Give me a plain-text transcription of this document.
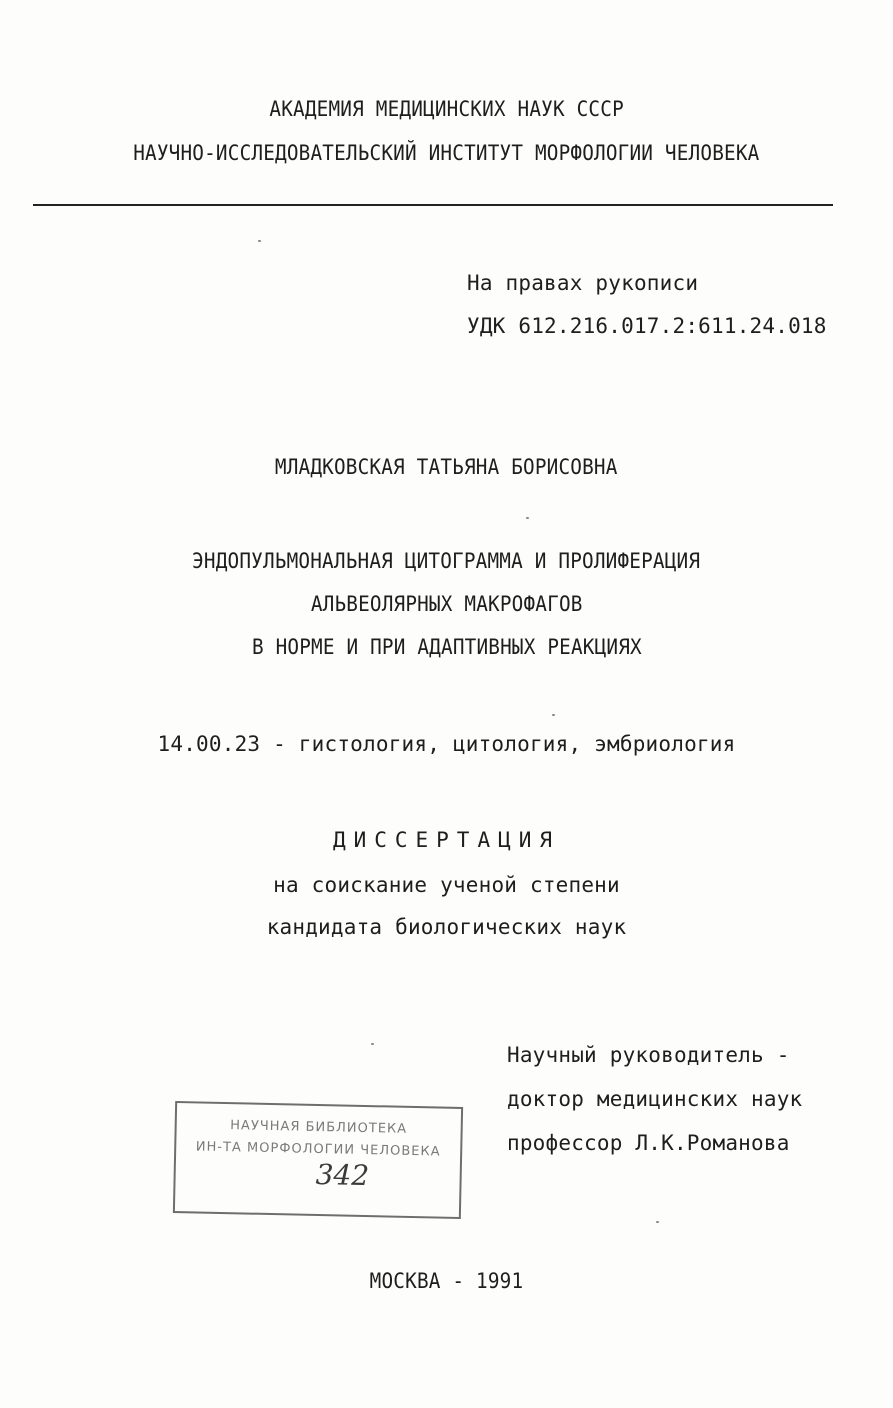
АКАДЕМИЯ МЕДИЦИНСКИХ НАУК СССР
НАУЧНО-ИССЛЕДОВАТЕЛЬСКИЙ ИНСТИТУТ МОРФОЛОГИИ ЧЕЛОВЕКА
На правах рукописи
УДК 612.216.017.2:611.24.018
МЛАДКОВСКАЯ ТАТЬЯНА БОРИСОВНА
ЭНДОПУЛЬМОНАЛЬНАЯ ЦИТОГРАММА И ПРОЛИФЕРАЦИЯ
АЛЬВЕОЛЯРНЫХ МАКРОФАГОВ
В НОРМЕ И ПРИ АДАПТИВНЫХ РЕАКЦИЯХ
14.00.23 - гистология, цитология, эмбриология
ДИССЕРТАЦИЯ
на соискание ученой степени
кандидата биологических наук
Научный руководитель -
доктор медицинских наук
профессор Л.К.Романова
НАУЧНАЯ БИБЛИОТЕКА
ИН-ТА МОРФОЛОГИИ ЧЕЛОВЕКА
342
МОСКВА - 1991
